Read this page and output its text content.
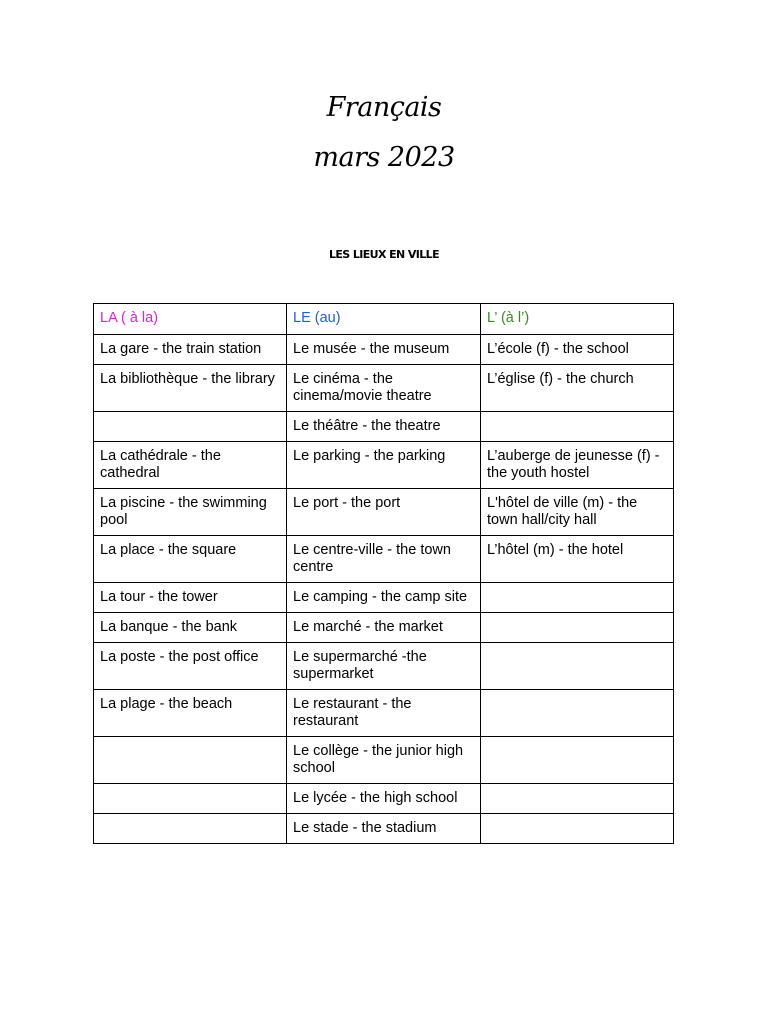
Français
mars 2023
LES LIEUX EN VILLE
LA ( à la)	LE (au)	L’ (à l’)
La gare - the train station	Le musée - the museum	L’école (f) - the school
La bibliothèque - the library	Le cinéma - the cinema/movie theatre	L’église (f) - the church
	Le théâtre - the theatre	
La cathédrale - the cathedral	Le parking - the parking	L’auberge de jeunesse (f) - the youth hostel
La piscine - the swimming pool	Le port - the port	L'hôtel de ville (m) - the town hall/city hall
La place - the square	Le centre-ville - the town centre	L’hôtel (m) - the hotel
La tour - the tower	Le camping - the camp site	
La banque - the bank	Le marché - the market	
La poste - the post office	Le supermarché -the supermarket	
La plage - the beach	Le restaurant - the restaurant	
	Le collège - the junior high school	
	Le lycée - the high school	
	Le stade - the stadium	
